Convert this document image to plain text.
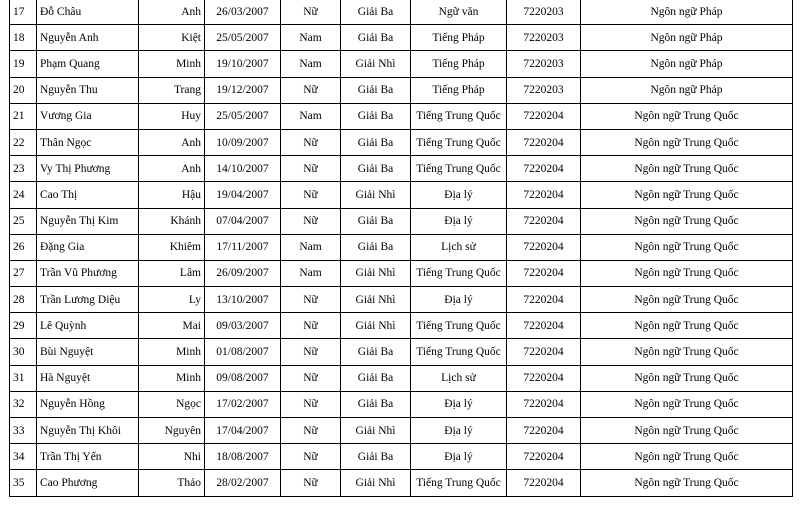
17	Đỗ Châu	Anh	26/03/2007	Nữ	Giải Ba	Ngữ văn	7220203	Ngôn ngữ Pháp
18	Nguyễn Anh	Kiệt	25/05/2007	Nam	Giải Ba	Tiếng Pháp	7220203	Ngôn ngữ Pháp
19	Phạm Quang	Minh	19/10/2007	Nam	Giải Nhì	Tiếng Pháp	7220203	Ngôn ngữ Pháp
20	Nguyễn Thu	Trang	19/12/2007	Nữ	Giải Ba	Tiếng Pháp	7220203	Ngôn ngữ Pháp
21	Vương Gia	Huy	25/05/2007	Nam	Giải Ba	Tiếng Trung Quốc	7220204	Ngôn ngữ Trung Quốc
22	Thân Ngọc	Anh	10/09/2007	Nữ	Giải Ba	Tiếng Trung Quốc	7220204	Ngôn ngữ Trung Quốc
23	Vy Thị Phương	Anh	14/10/2007	Nữ	Giải Ba	Tiếng Trung Quốc	7220204	Ngôn ngữ Trung Quốc
24	Cao Thị	Hậu	19/04/2007	Nữ	Giải Nhì	Địa lý	7220204	Ngôn ngữ Trung Quốc
25	Nguyễn Thị Kim	Khánh	07/04/2007	Nữ	Giải Ba	Địa lý	7220204	Ngôn ngữ Trung Quốc
26	Đặng Gia	Khiêm	17/11/2007	Nam	Giải Ba	Lịch sử	7220204	Ngôn ngữ Trung Quốc
27	Trần Vũ Phương	Lâm	26/09/2007	Nam	Giải Nhì	Tiếng Trung Quốc	7220204	Ngôn ngữ Trung Quốc
28	Trần Lương Diệu	Ly	13/10/2007	Nữ	Giải Nhì	Địa lý	7220204	Ngôn ngữ Trung Quốc
29	Lê Quỳnh	Mai	09/03/2007	Nữ	Giải Nhì	Tiếng Trung Quốc	7220204	Ngôn ngữ Trung Quốc
30	Bùi Nguyệt	Minh	01/08/2007	Nữ	Giải Ba	Tiếng Trung Quốc	7220204	Ngôn ngữ Trung Quốc
31	Hà Nguyệt	Minh	09/08/2007	Nữ	Giải Ba	Lịch sử	7220204	Ngôn ngữ Trung Quốc
32	Nguyễn Hồng	Ngọc	17/02/2007	Nữ	Giải Ba	Địa lý	7220204	Ngôn ngữ Trung Quốc
33	Nguyễn Thị Khôi	Nguyên	17/04/2007	Nữ	Giải Nhì	Địa lý	7220204	Ngôn ngữ Trung Quốc
34	Trần Thị Yến	Nhi	18/08/2007	Nữ	Giải Ba	Địa lý	7220204	Ngôn ngữ Trung Quốc
35	Cao Phương	Thảo	28/02/2007	Nữ	Giải Nhì	Tiếng Trung Quốc	7220204	Ngôn ngữ Trung Quốc
